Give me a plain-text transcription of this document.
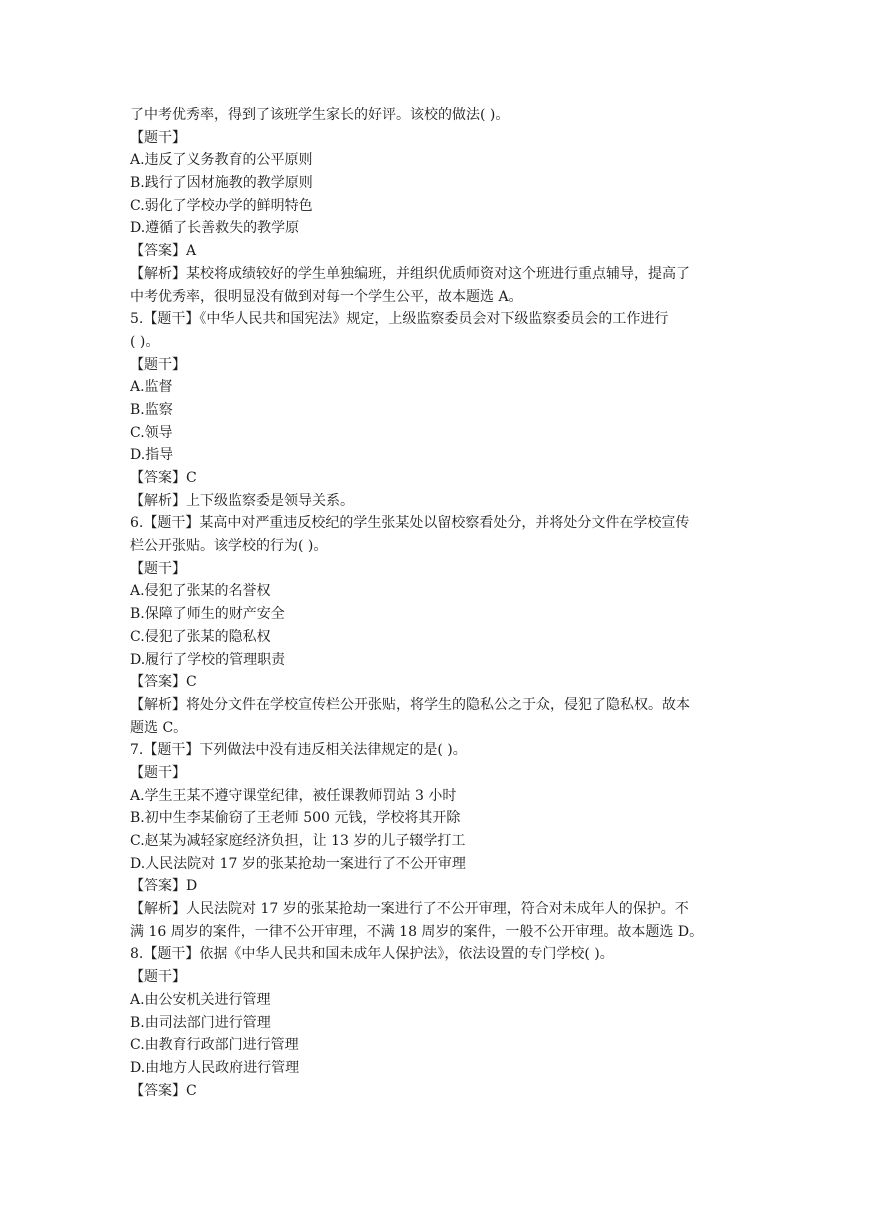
了中考优秀率，得到了该班学生家长的好评。该校的做法( )。
【题干】
A.违反了义务教育的公平原则
B.践行了因材施教的教学原则
C.弱化了学校办学的鲜明特色
D.遵循了长善救失的教学原
【答案】A
【解析】某校将成绩较好的学生单独编班，并组织优质师资对这个班进行重点辅导，提高了
中考优秀率，很明显没有做到对每一个学生公平，故本题选 A。
5.【题干】《中华人民共和国宪法》规定，上级监察委员会对下级监察委员会的工作进行
( )。
【题干】
A.监督
B.监察
C.领导
D.指导
【答案】C
【解析】上下级监察委是领导关系。
6.【题干】某高中对严重违反校纪的学生张某处以留校察看处分，并将处分文件在学校宣传
栏公开张贴。该学校的行为( )。
【题干】
A.侵犯了张某的名誉权
B.保障了师生的财产安全
C.侵犯了张某的隐私权
D.履行了学校的管理职责
【答案】C
【解析】将处分文件在学校宣传栏公开张贴，将学生的隐私公之于众，侵犯了隐私权。故本
题选 C。
7.【题干】下列做法中没有违反相关法律规定的是( )。
【题干】
A.学生王某不遵守课堂纪律，被任课教师罚站 3 小时
B.初中生李某偷窃了王老师 500 元钱，学校将其开除
C.赵某为减轻家庭经济负担，让 13 岁的儿子辍学打工
D.人民法院对 17 岁的张某抢劫一案进行了不公开审理
【答案】D
【解析】人民法院对 17 岁的张某抢劫一案进行了不公开审理，符合对未成年人的保护。不
满 16 周岁的案件，一律不公开审理，不满 18 周岁的案件，一般不公开审理。故本题选 D。
8.【题干】依据《中华人民共和国未成年人保护法》，依法设置的专门学校( )。
【题干】
A.由公安机关进行管理
B.由司法部门进行管理
C.由教育行政部门进行管理
D.由地方人民政府进行管理
【答案】C
